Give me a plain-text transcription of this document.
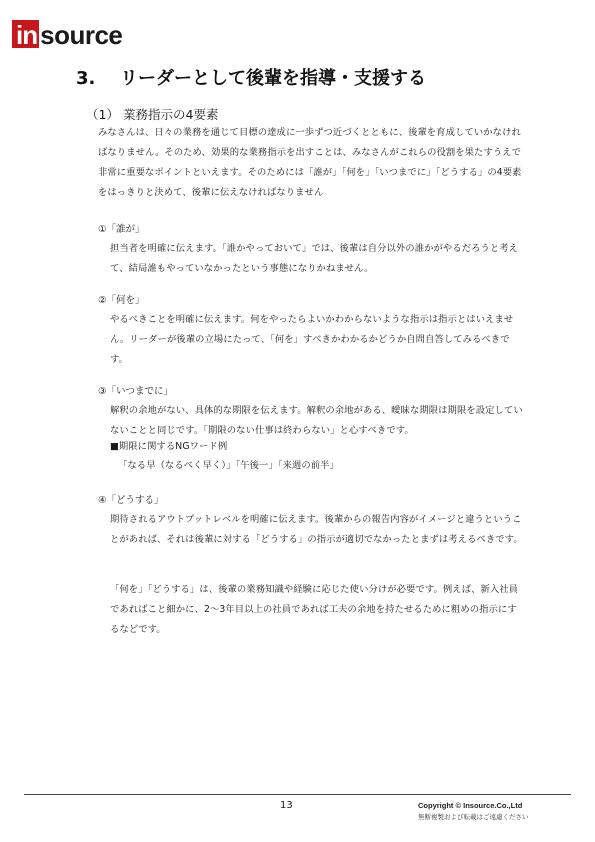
in source
3. リーダーとして後輩を指導・支援する
（1） 業務指示の4要素

みなさんは、日々の業務を通じて目標の達成に一歩ずつ近づくとともに、後輩を育成していかなければなりません。そのため、効果的な業務指示を出すことは、みなさんがこれらの役割を果たすうえで非常に重要なポイントといえます。そのためには「誰が」「何を」「いつまでに」「どうする」の4要素をはっきりと決めて、後輩に伝えなければなりません

①「誰が」

担当者を明確に伝えます。「誰かやっておいて」では、後輩は自分以外の誰かがやるだろうと考えて、結局誰もやっていなかったという事態になりかねません。

②「何を」

やるべきことを明確に伝えます。何をやったらよいかわからないような指示は指示とはいえません。リーダーが後輩の立場にたって、「何を」すべきかわかるかどうか自問自答してみるべきです。

③「いつまでに」

解釈の余地がない、具体的な期限を伝えます。解釈の余地がある、曖昧な期限は期限を設定していないことと同じです。「期限のない仕事は終わらない」と心すべきです。

■期限に関するNGワード例

「なる早（なるべく早く）」「午後一」「来週の前半」

④「どうする」

期待されるアウトプットレベルを明確に伝えます。後輩からの報告内容がイメージと違うということがあれば、それは後輩に対する「どうする」の指示が適切でなかったとまずは考えるべきです。

「何を」「どうする」は、後輩の業務知識や経験に応じた使い分けが必要です。例えば、新入社員であればこと細かに、2～3年目以上の社員であれば工夫の余地を持たせるために粗めの指示にするなどです。

13	Copyright © Insource.Co.,Ltd
無断複製および転載はご遠慮ください
